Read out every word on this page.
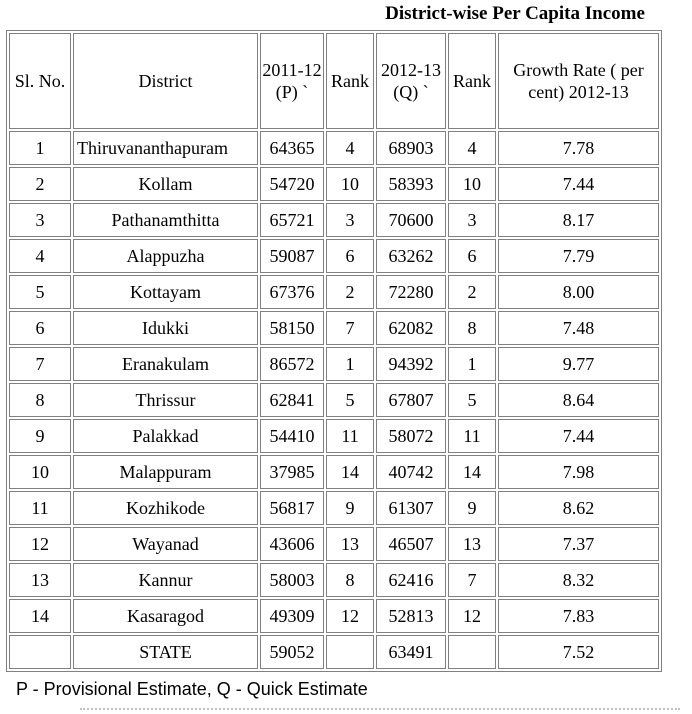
District-wise Per Capita Income
Sl. No.	District	2011-12 (P) `	Rank	2012-13 (Q) `	Rank	Growth Rate ( per cent) 2012-13
1	Thiruvananthapuram	64365	4	68903	4	7.78
2	Kollam	54720	10	58393	10	7.44
3	Pathanamthitta	65721	3	70600	3	8.17
4	Alappuzha	59087	6	63262	6	7.79
5	Kottayam	67376	2	72280	2	8.00
6	Idukki	58150	7	62082	8	7.48
7	Eranakulam	86572	1	94392	1	9.77
8	Thrissur	62841	5	67807	5	8.64
9	Palakkad	54410	11	58072	11	7.44
10	Malappuram	37985	14	40742	14	7.98
11	Kozhikode	56817	9	61307	9	8.62
12	Wayanad	43606	13	46507	13	7.37
13	Kannur	58003	8	62416	7	8.32
14	Kasaragod	49309	12	52813	12	7.83
	STATE	59052		63491		7.52
P - Provisional Estimate, Q - Quick Estimate
